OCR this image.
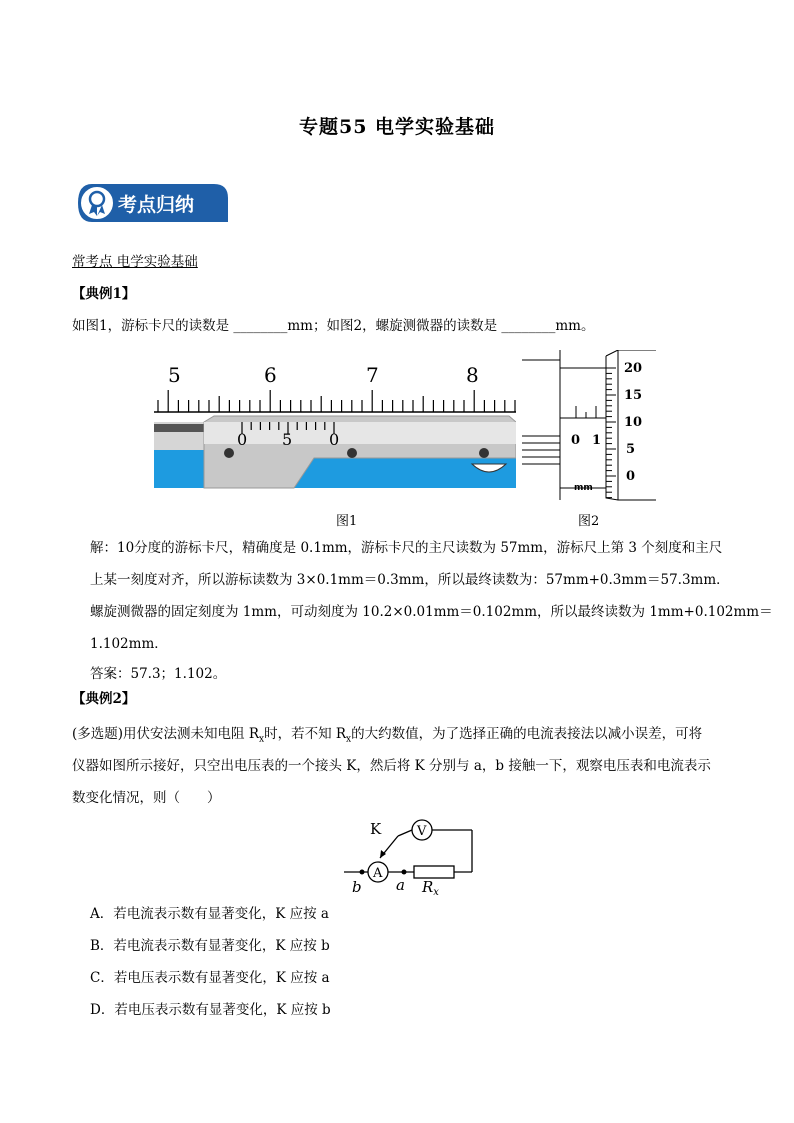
专题55 电学实验基础
考点归纳
常考点 电学实验基础
【典例1】
如图1，游标卡尺的读数是 ________mm；如图2，螺旋测微器的读数是 ________mm。
5	6	7	8
0 5 0	0 1
20
15
10
5
0
mm
图1	图2
解：10分度的游标卡尺，精确度是 0.1mm，游标卡尺的主尺读数为 57mm，游标尺上第 3 个刻度和主尺
上某一刻度对齐，所以游标读数为 3×0.1mm＝0.3mm，所以最终读数为：57mm+0.3mm＝57.3mm．
螺旋测微器的固定刻度为 1mm，可动刻度为 10.2×0.01mm＝0.102mm，所以最终读数为 1mm+0.102mm＝
1.102mm．
答案：57.3；1.102。
【典例2】
(多选题)用伏安法测未知电阻 $R_x$时，若不知 $R_x$的大约数值，为了选择正确的电流表接法以减小误差，可将
仪器如图所示接好，只空出电压表的一个接头 K，然后将 K 分别与 a，b 接触一下，观察电压表和电流表示
数变化情况，则（　　）
A
V
K
b a $R_x$
A．若电流表示数有显著变化，K 应按 a
B．若电流表示数有显著变化，K 应按 b
C．若电压表示数有显著变化，K 应按 a
D．若电压表示数有显著变化，K 应按 b
